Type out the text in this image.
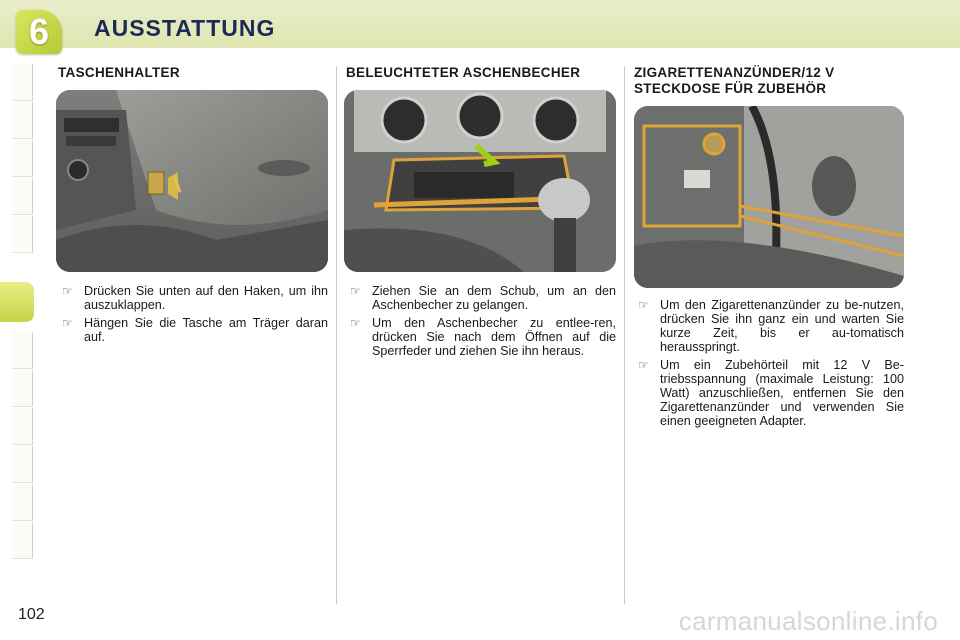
6	AUSSTATTUNG
TASCHENHALTER
☞ Drücken Sie unten auf den Haken, um ihn auszuklappen.
☞ Hängen Sie die Tasche am Träger daran auf.
BELEUCHTETER ASCHENBECHER
☞ Ziehen Sie an dem Schub, um an den Aschenbecher zu gelangen.
☞ Um den Aschenbecher zu entlee-ren, drücken Sie nach dem Öffnen auf die Sperrfeder und ziehen Sie ihn heraus.
ZIGARETTENANZÜNDER/12 V
STECKDOSE FÜR ZUBEHÖR
☞ Um den Zigarettenanzünder zu be-nutzen, drücken Sie ihn ganz ein und warten Sie kurze Zeit, bis er au-tomatisch herausspringt.
☞ Um ein Zubehörteil mit 12 V Be-triebsspannung (maximale Leistung: 100 Watt) anzuschließen, entfernen Sie den Zigarettenanzünder und verwenden Sie einen geeigneten Adapter.
102	carmanualsonline.info
